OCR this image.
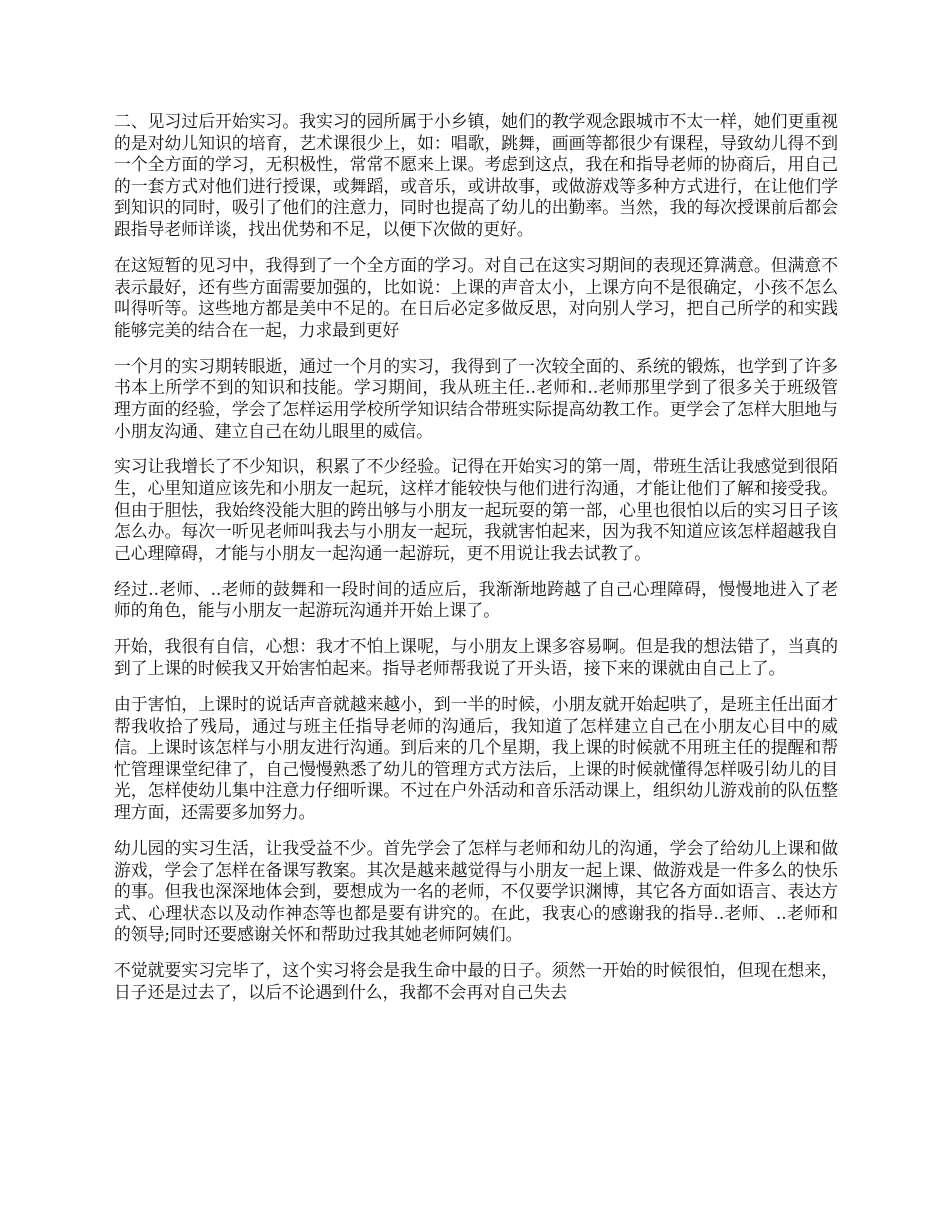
二、见习过后开始实习。我实习的园所属于小乡镇，她们的教学观念跟城市不太一样，她们更重视的是对幼儿知识的培育，艺术课很少上，如：唱歌，跳舞，画画等都很少有课程，导致幼儿得不到一个全方面的学习，无积极性，常常不愿来上课。考虑到这点，我在和指导老师的协商后，用自己的一套方式对他们进行授课，或舞蹈，或音乐，或讲故事，或做游戏等多种方式进行，在让他们学到知识的同时，吸引了他们的注意力，同时也提高了幼儿的出勤率。当然，我的每次授课前后都会跟指导老师详谈，找出优势和不足，以便下次做的更好。

在这短暂的见习中，我得到了一个全方面的学习。对自己在这实习期间的表现还算满意。但满意不表示最好，还有些方面需要加强的，比如说：上课的声音太小，上课方向不是很确定，小孩不怎么叫得听等。这些地方都是美中不足的。在日后必定多做反思，对向别人学习，把自己所学的和实践能够完美的结合在一起，力求最到更好

一个月的实习期转眼逝，通过一个月的实习，我得到了一次较全面的、系统的锻炼，也学到了许多书本上所学不到的知识和技能。学习期间，我从班主任..老师和..老师那里学到了很多关于班级管理方面的经验，学会了怎样运用学校所学知识结合带班实际提高幼教工作。更学会了怎样大胆地与小朋友沟通、建立自己在幼儿眼里的威信。

实习让我增长了不少知识，积累了不少经验。记得在开始实习的第一周，带班生活让我感觉到很陌生，心里知道应该先和小朋友一起玩，这样才能较快与他们进行沟通，才能让他们了解和接受我。但由于胆怯，我始终没能大胆的跨出够与小朋友一起玩耍的第一部，心里也很怕以后的实习日子该怎么办。每次一听见老师叫我去与小朋友一起玩，我就害怕起来，因为我不知道应该怎样超越我自己心理障碍，才能与小朋友一起沟通一起游玩，更不用说让我去试教了。

经过..老师、..老师的鼓舞和一段时间的适应后，我渐渐地跨越了自己心理障碍，慢慢地进入了老师的角色，能与小朋友一起游玩沟通并开始上课了。

开始，我很有自信，心想：我才不怕上课呢，与小朋友上课多容易啊。但是我的想法错了，当真的到了上课的时候我又开始害怕起来。指导老师帮我说了开头语，接下来的课就由自己上了。

由于害怕，上课时的说话声音就越来越小，到一半的时候，小朋友就开始起哄了，是班主任出面才帮我收拾了残局，通过与班主任指导老师的沟通后，我知道了怎样建立自己在小朋友心目中的威信。上课时该怎样与小朋友进行沟通。到后来的几个星期，我上课的时候就不用班主任的提醒和帮忙管理课堂纪律了，自己慢慢熟悉了幼儿的管理方式方法后，上课的时候就懂得怎样吸引幼儿的目光，怎样使幼儿集中注意力仔细听课。不过在户外活动和音乐活动课上，组织幼儿游戏前的队伍整理方面，还需要多加努力。

幼儿园的实习生活，让我受益不少。首先学会了怎样与老师和幼儿的沟通，学会了给幼儿上课和做游戏，学会了怎样在备课写教案。其次是越来越觉得与小朋友一起上课、做游戏是一件多么的快乐的事。但我也深深地体会到，要想成为一名的老师，不仅要学识渊博，其它各方面如语言、表达方式、心理状态以及动作神态等也都是要有讲究的。在此，我衷心的感谢我的指导..老师、..老师和的领导;同时还要感谢关怀和帮助过我其她老师阿姨们。

不觉就要实习完毕了，这个实习将会是我生命中最的日子。须然一开始的时候很怕，但现在想来，日子还是过去了，以后不论遇到什么，我都不会再对自己失去
